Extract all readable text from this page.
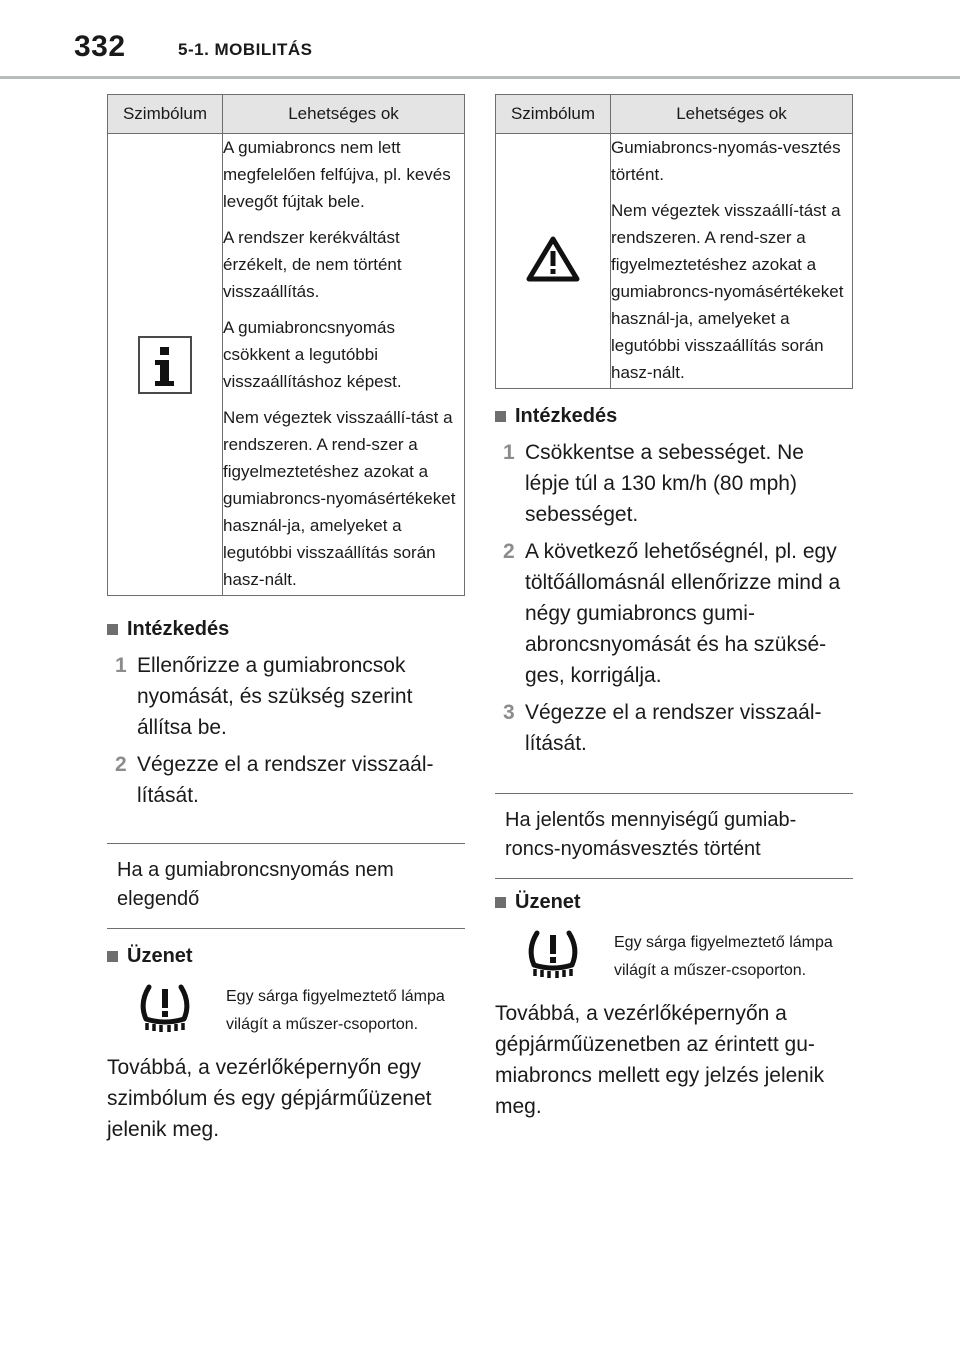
332	5-1. MOBILITÁS
Szimbólum	Lehetséges ok

A gumiabroncs nem lett megfelelően felfújva, pl. kevés levegőt fújtak bele.

A rendszer kerékváltást érzékelt, de nem történt visszaállítás.

A gumiabroncsnyomás csökkent a legutóbbi visszaállításhoz képest.

Nem végeztek visszaállí-tást a rendszeren. A rend-szer a figyelmeztetéshez azokat a gumiabroncs-nyomásértékeket használ-ja, amelyeket a legutóbbi visszaállítás során hasz-nált.

Intézkedés
1 Ellenőrizze a gumiabroncsok nyomását, és szükség szerint állítsa be.
2 Végezze el a rendszer visszaál-lítását.
Ha a gumiabroncsnyomás nem elegendő
Üzenet
Egy sárga figyelmeztető lámpa világít a műszer-csoporton.
Továbbá, a vezérlőképernyőn egy szimbólum és egy gépjárműüzenet jelenik meg.
Szimbólum	Lehetséges ok

Gumiabroncs-nyomás-vesztés történt.

Nem végeztek visszaállí-tást a rendszeren. A rend-szer a figyelmeztetéshez azokat a gumiabroncs-nyomásértékeket használ-ja, amelyeket a legutóbbi visszaállítás során hasz-nált.

Intézkedés
1 Csökkentse a sebességet. Ne lépje túl a 130 km/h (80 mph) sebességet.
2 A következő lehetőségnél, pl. egy töltőállomásnál ellenőrizze mind a négy gumiabroncs gumi-abroncsnyomását és ha szüksé-ges, korrigálja.
3 Végezze el a rendszer visszaál-lítását.
Ha jelentős mennyiségű gumiab-roncs-nyomásvesztés történt
Üzenet
Egy sárga figyelmeztető lámpa világít a műszer-csoporton.
Továbbá, a vezérlőképernyőn a gépjárműüzenetben az érintett gu-miabroncs mellett egy jelzés jelenik meg.
